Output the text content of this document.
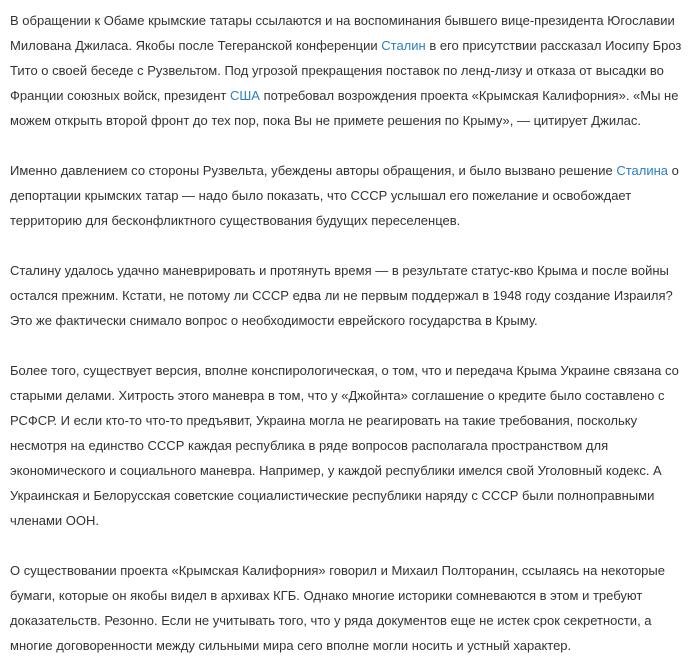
В обращении к Обаме крымские татары ссылаются и на воспоминания бывшего вице-президента Югославии
Милована Джиласа. Якобы после Тегеранской конференции Сталин в его присутствии рассказал Иосипу Броз
Тито о своей беседе с Рузвельтом. Под угрозой прекращения поставок по ленд-лизу и отказа от высадки во
Франции союзных войск, президент США потребовал возрождения проекта «Крымская Калифорния». «Мы не
можем открыть второй фронт до тех пор, пока Вы не примете решения по Крыму», — цитирует Джилас.

Именно давлением со стороны Рузвельта, убеждены авторы обращения, и было вызвано решение Сталина о
депортации крымских татар — надо было показать, что СССР услышал его пожелание и освобождает
территорию для бесконфликтного существования будущих переселенцев.

Сталину удалось удачно маневрировать и протянуть время — в результате статус-кво Крыма и после войны
остался прежним. Кстати, не потому ли СССР едва ли не первым поддержал в 1948 году создание Израиля?
Это же фактически снимало вопрос о необходимости еврейского государства в Крыму.

Более того, существует версия, вполне конспирологическая, о том, что и передача Крыма Украине связана со
старыми делами. Хитрость этого маневра в том, что у «Джойнта» соглашение о кредите было составлено с
РСФСР. И если кто-то что-то предъявит, Украина могла не реагировать на такие требования, поскольку
несмотря на единство СССР каждая республика в ряде вопросов располагала пространством для
экономического и социального маневра. Например, у каждой республики имелся свой Уголовный кодекс. А
Украинская и Белорусская советские социалистические республики наряду с СССР были полноправными
членами ООН.

О существовании проекта «Крымская Калифорния» говорил и Михаил Полторанин, ссылаясь на некоторые
бумаги, которые он якобы видел в архивах КГБ. Однако многие историки сомневаются в этом и требуют
доказательств. Резонно. Если не учитывать того, что у ряда документов еще не истек срок секретности, а
многие договоренности между сильными мира сего вполне могли носить и устный характер.
